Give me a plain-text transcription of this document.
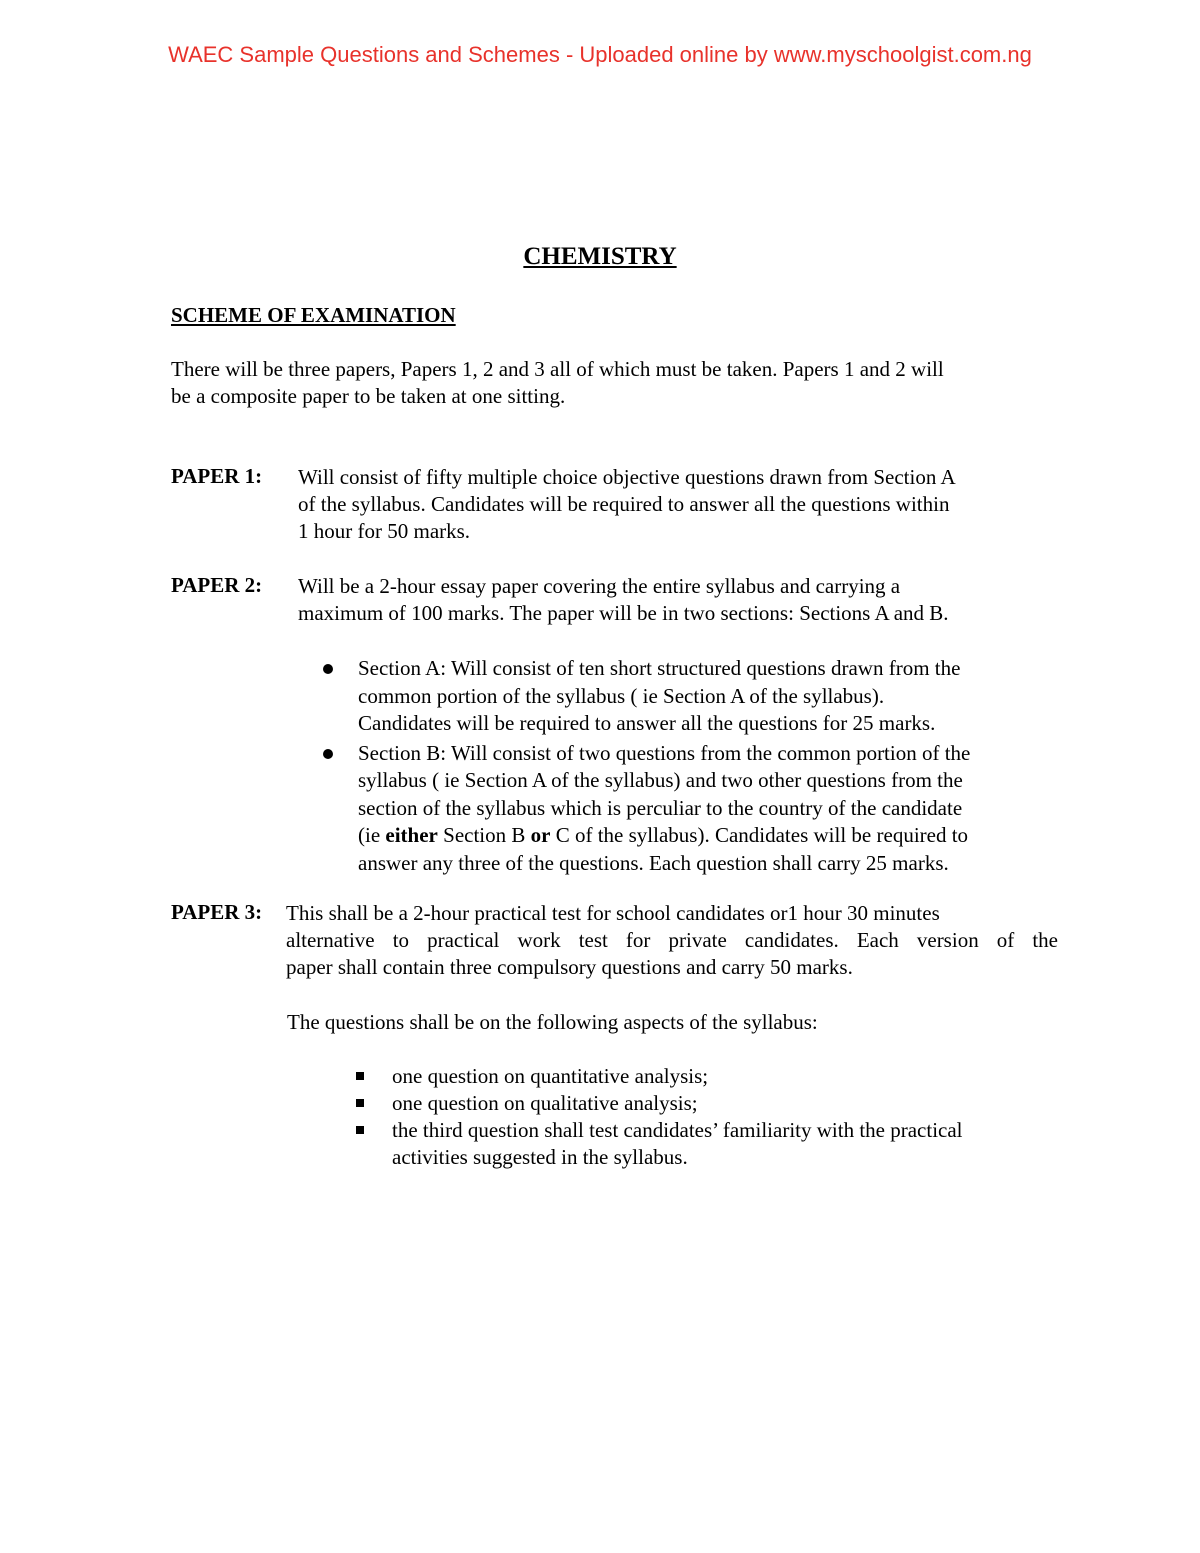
WAEC Sample Questions and Schemes - Uploaded online by www.myschoolgist.com.ng
CHEMISTRY
SCHEME OF EXAMINATION
There will be three papers, Papers 1, 2 and 3 all of which must be taken. Papers 1 and 2 will
be a composite paper to be taken at one sitting.
PAPER 1: Will consist of fifty multiple choice objective questions drawn from Section A
of the syllabus. Candidates will be required to answer all the questions within
1 hour for 50 marks.
PAPER 2: Will be a 2-hour essay paper covering the entire syllabus and carrying a
maximum of 100 marks. The paper will be in two sections: Sections A and B.
Section A: Will consist of ten short structured questions drawn from the
common portion of the syllabus ( ie Section A of the syllabus).
Candidates will be required to answer all the questions for 25 marks.
Section B: Will consist of two questions from the common portion of the
syllabus ( ie Section A of the syllabus) and two other questions from the
section of the syllabus which is perculiar to the country of the candidate
(ie either Section B or C of the syllabus). Candidates will be required to
answer any three of the questions. Each question shall carry 25 marks.
PAPER 3: This shall be a 2-hour practical test for school candidates or1 hour 30 minutes
alternative to practical work test for private candidates. Each version of the
paper shall contain three compulsory questions and carry 50 marks.
The questions shall be on the following aspects of the syllabus:
one question on quantitative analysis;
one question on qualitative analysis;
the third question shall test candidates’ familiarity with the practical
activities suggested in the syllabus.
